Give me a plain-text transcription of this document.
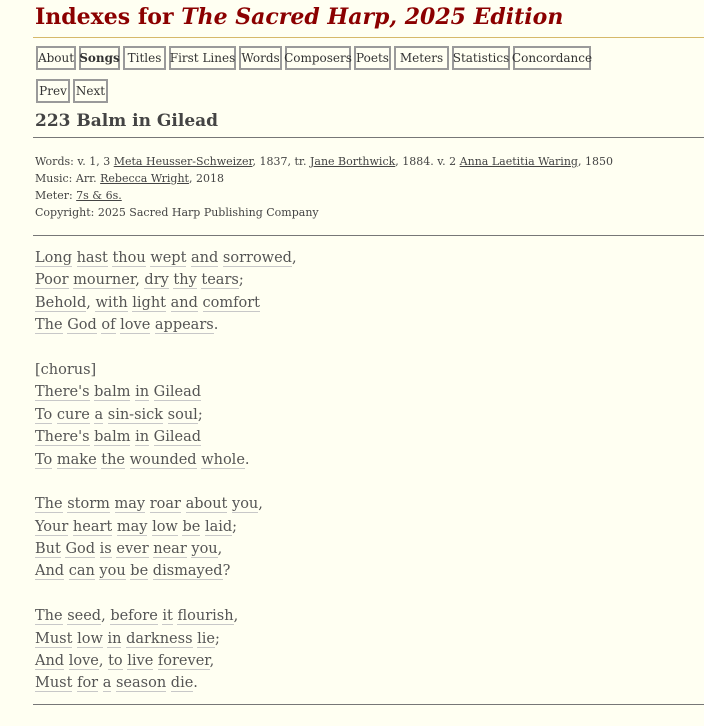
Indexes for The Sacred Harp, 2025 Edition
About Songs Titles First Lines Words Composers Poets Meters Statistics Concordance
Prev Next
223 Balm in Gilead
Words: v. 1, 3 Meta Heusser-Schweizer, 1837, tr. Jane Borthwick, 1884. v. 2 Anna Laetitia Waring, 1850
Music: Arr. Rebecca Wright, 2018
Meter: 7s & 6s.
Copyright: 2025 Sacred Harp Publishing Company
Long hast thou wept and sorrowed,
Poor mourner, dry thy tears;
Behold, with light and comfort
The God of love appears.
[chorus]
There's balm in Gilead
To cure a sin-sick soul;
There's balm in Gilead
To make the wounded whole.
The storm may roar about you,
Your heart may low be laid;
But God is ever near you,
And can you be dismayed?
The seed, before it flourish,
Must low in darkness lie;
And love, to live forever,
Must for a season die.
